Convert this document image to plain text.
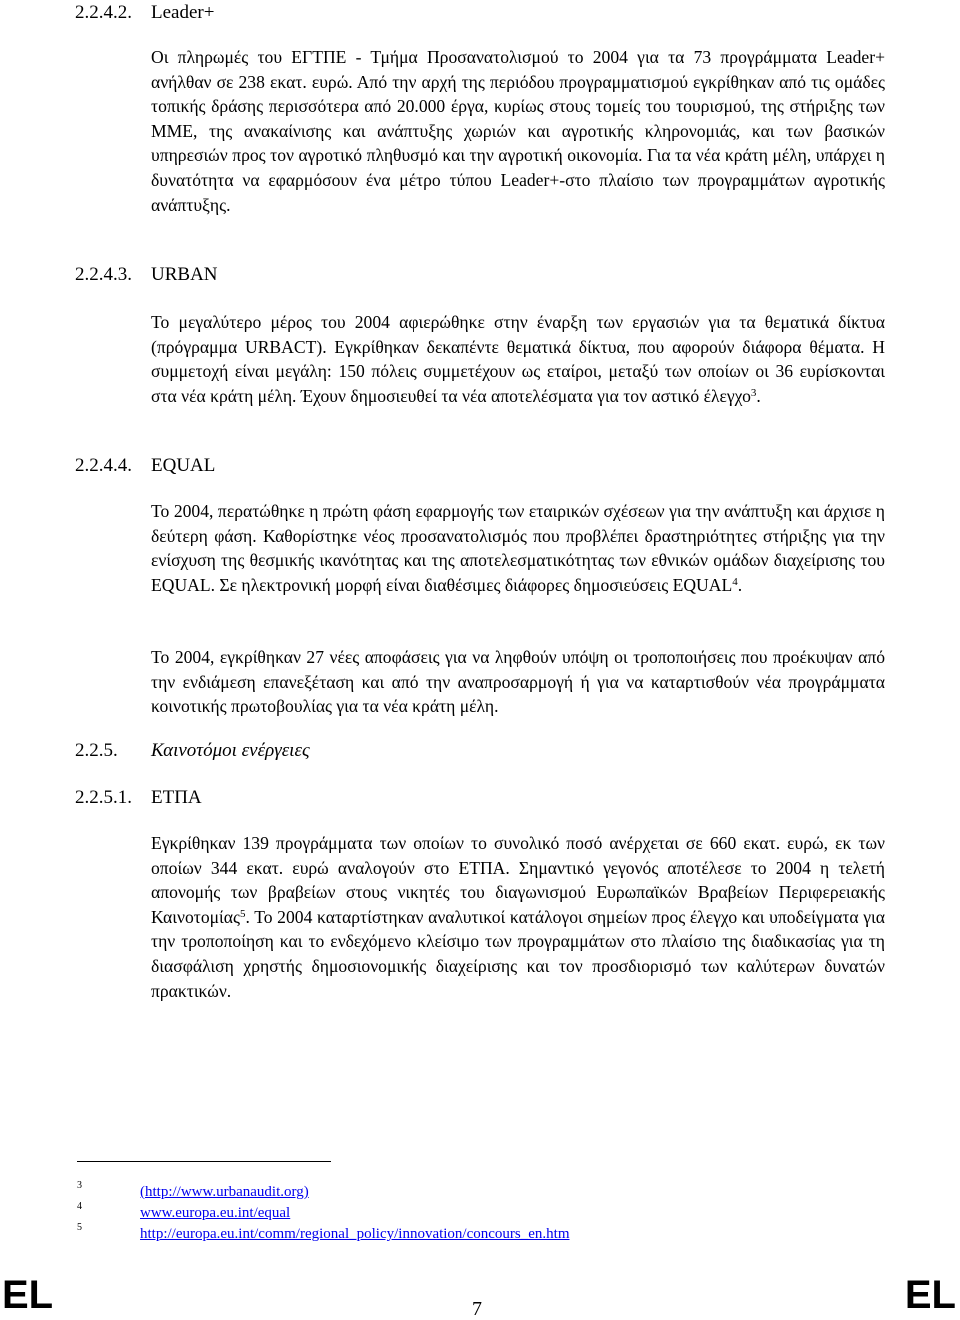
2.2.4.2. Leader+

Οι πληρωμές του ΕΓΤΠΕ - Τμήμα Προσανατολισμού το 2004 για τα 73 προγράμματα Leader+ ανήλθαν σε 238 εκατ. ευρώ. Από την αρχή της περιόδου προγραμματισμού εγκρίθηκαν από τις ομάδες τοπικής δράσης περισσότερα από 20.000 έργα, κυρίως στους τομείς του τουρισμού, της στήριξης των ΜΜΕ, της ανακαίνισης και ανάπτυξης χωριών και αγροτικής κληρονομιάς, και των βασικών υπηρεσιών προς τον αγροτικό πληθυσμό και την αγροτική οικονομία. Για τα νέα κράτη μέλη, υπάρχει η δυνατότητα να εφαρμόσουν ένα μέτρο τύπου Leader+-στο πλαίσιο των προγραμμάτων αγροτικής ανάπτυξης.

2.2.4.3. URBAN

Το μεγαλύτερο μέρος του 2004 αφιερώθηκε στην έναρξη των εργασιών για τα θεματικά δίκτυα (πρόγραμμα URBACT). Εγκρίθηκαν δεκαπέντε θεματικά δίκτυα, που αφορούν διάφορα θέματα. Η συμμετοχή είναι μεγάλη: 150 πόλεις συμμετέχουν ως εταίροι, μεταξύ των οποίων οι 36 ευρίσκονται στα νέα κράτη μέλη. Έχουν δημοσιευθεί τα νέα αποτελέσματα για τον αστικό έλεγχο$^3$.

2.2.4.4. EQUAL

Το 2004, περατώθηκε η πρώτη φάση εφαρμογής των εταιρικών σχέσεων για την ανάπτυξη και άρχισε η δεύτερη φάση. Καθορίστηκε νέος προσανατολισμός που προβλέπει δραστηριότητες στήριξης για την ενίσχυση της θεσμικής ικανότητας και της αποτελεσματικότητας των εθνικών ομάδων διαχείρισης του EQUAL. Σε ηλεκτρονική μορφή είναι διαθέσιμες διάφορες δημοσιεύσεις EQUAL$^4$.

Το 2004, εγκρίθηκαν 27 νέες αποφάσεις για να ληφθούν υπόψη οι τροποποιήσεις που προέκυψαν από την ενδιάμεση επανεξέταση και από την αναπροσαρμογή ή για να καταρτισθούν νέα προγράμματα κοινοτικής πρωτοβουλίας για τα νέα κράτη μέλη.

2.2.5. Καινοτόμοι ενέργειες
2.2.5.1. ΕΤΠΑ

Εγκρίθηκαν 139 προγράμματα των οποίων το συνολικό ποσό ανέρχεται σε 660 εκατ. ευρώ, εκ των οποίων 344 εκατ. ευρώ αναλογούν στο ΕΤΠΑ. Σημαντικό γεγονός αποτέλεσε το 2004 η τελετή απονομής των βραβείων στους νικητές του διαγωνισμού Ευρωπαϊκών Βραβείων Περιφερειακής Καινοτομίας$^5$. Το 2004 καταρτίστηκαν αναλυτικοί κατάλογοι σημείων προς έλεγχο και υποδείγματα για την τροποποίηση και το ενδεχόμενο κλείσιμο των προγραμμάτων στο πλαίσιο της διαδικασίας για τη διασφάλιση χρηστής δημοσιονομικής διαχείρισης και τον προσδιορισμό των καλύτερων δυνατών πρακτικών.

3	(http://www.urbanaudit.org)
4	www.europa.eu.int/equal
5	http://europa.eu.int/comm/regional_policy/innovation/concours_en.htm
EL	7	EL
